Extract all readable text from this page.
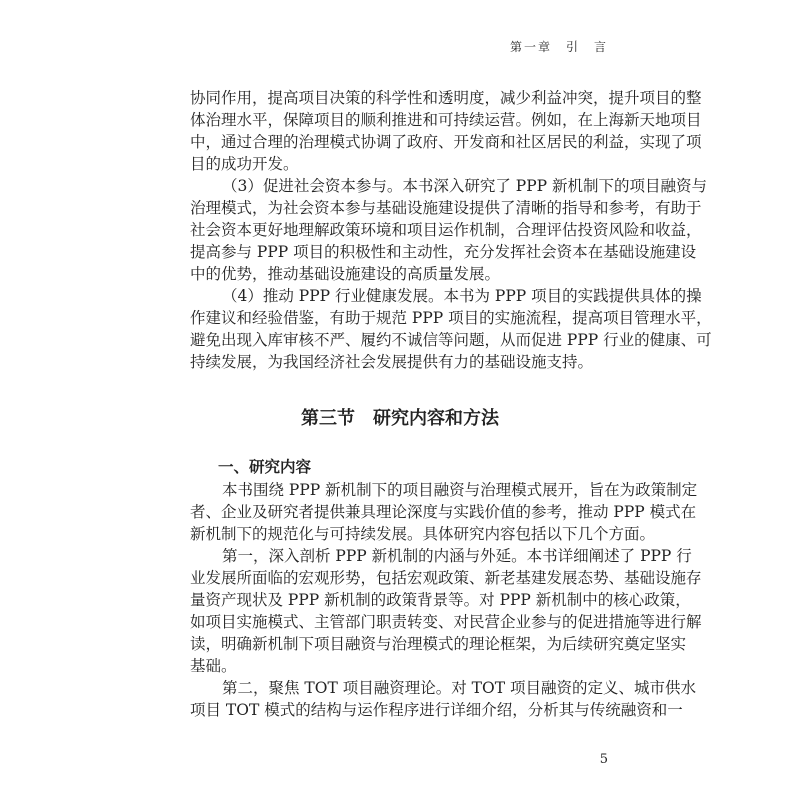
第一章　引　言
协同作用，提高项目决策的科学性和透明度，减少利益冲突，提升项目的整
体治理水平，保障项目的顺利推进和可持续运营。例如，在上海新天地项目
中，通过合理的治理模式协调了政府、开发商和社区居民的利益，实现了项
目的成功开发。
（3）促进社会资本参与。本书深入研究了 PPP 新机制下的项目融资与
治理模式，为社会资本参与基础设施建设提供了清晰的指导和参考，有助于
社会资本更好地理解政策环境和项目运作机制，合理评估投资风险和收益，
提高参与 PPP 项目的积极性和主动性，充分发挥社会资本在基础设施建设
中的优势，推动基础设施建设的高质量发展。
（4）推动 PPP 行业健康发展。本书为 PPP 项目的实践提供具体的操
作建议和经验借鉴，有助于规范 PPP 项目的实施流程，提高项目管理水平，
避免出现入库审核不严、履约不诚信等问题，从而促进 PPP 行业的健康、可
持续发展，为我国经济社会发展提供有力的基础设施支持。
第三节　研究内容和方法
一、研究内容
本书围绕 PPP 新机制下的项目融资与治理模式展开，旨在为政策制定
者、企业及研究者提供兼具理论深度与实践价值的参考，推动 PPP 模式在
新机制下的规范化与可持续发展。具体研究内容包括以下几个方面。
第一，深入剖析 PPP 新机制的内涵与外延。本书详细阐述了 PPP 行
业发展所面临的宏观形势，包括宏观政策、新老基建发展态势、基础设施存
量资产现状及 PPP 新机制的政策背景等。对 PPP 新机制中的核心政策，
如项目实施模式、主管部门职责转变、对民营企业参与的促进措施等进行解
读，明确新机制下项目融资与治理模式的理论框架，为后续研究奠定坚实
基础。
第二，聚焦 TOT 项目融资理论。对 TOT 项目融资的定义、城市供水
项目 TOT 模式的结构与运作程序进行详细介绍，分析其与传统融资和一
5
